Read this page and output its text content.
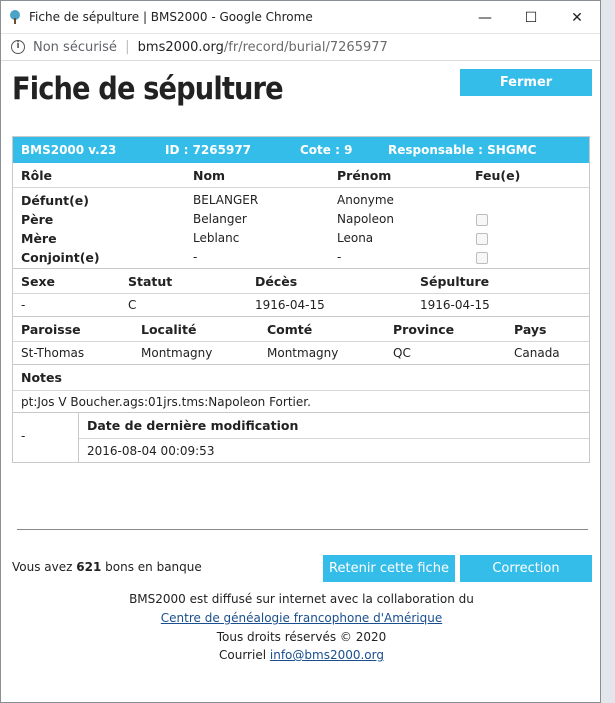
Fiche de sépulture | BMS2000 - Google Chrome	—	☐	✕
i	Non sécurisé | bms2000.org/fr/record/burial/7265977
Fiche de sépulture	Fermer
BMS2000 v.23	ID : 7265977	Cote : 9	Responsable : SHGMC
Rôle	Nom	Prénom	Feu(e)
Défunt(e)	BELANGER	Anonyme
Père	Belanger	Napoleon
Mère	Leblanc	Leona
Conjoint(e)	-	-
Sexe	Statut	Décès	Sépulture
-	C	1916-04-15	1916-04-15
Paroisse	Localité	Comté	Province	Pays
St-Thomas	Montmagny	Montmagny	QC	Canada
Notes
pt:Jos V Boucher.ags:01jrs.tms:Napoleon Fortier.
-
Date de dernière modification
2016-08-04 00:09:53
Vous avez 621 bons en banque	Retenir cette fiche	Correction
BMS2000 est diffusé sur internet avec la collaboration du
Centre de généalogie francophone d'Amérique
Tous droits réservés © 2020
Courriel info@bms2000.org
